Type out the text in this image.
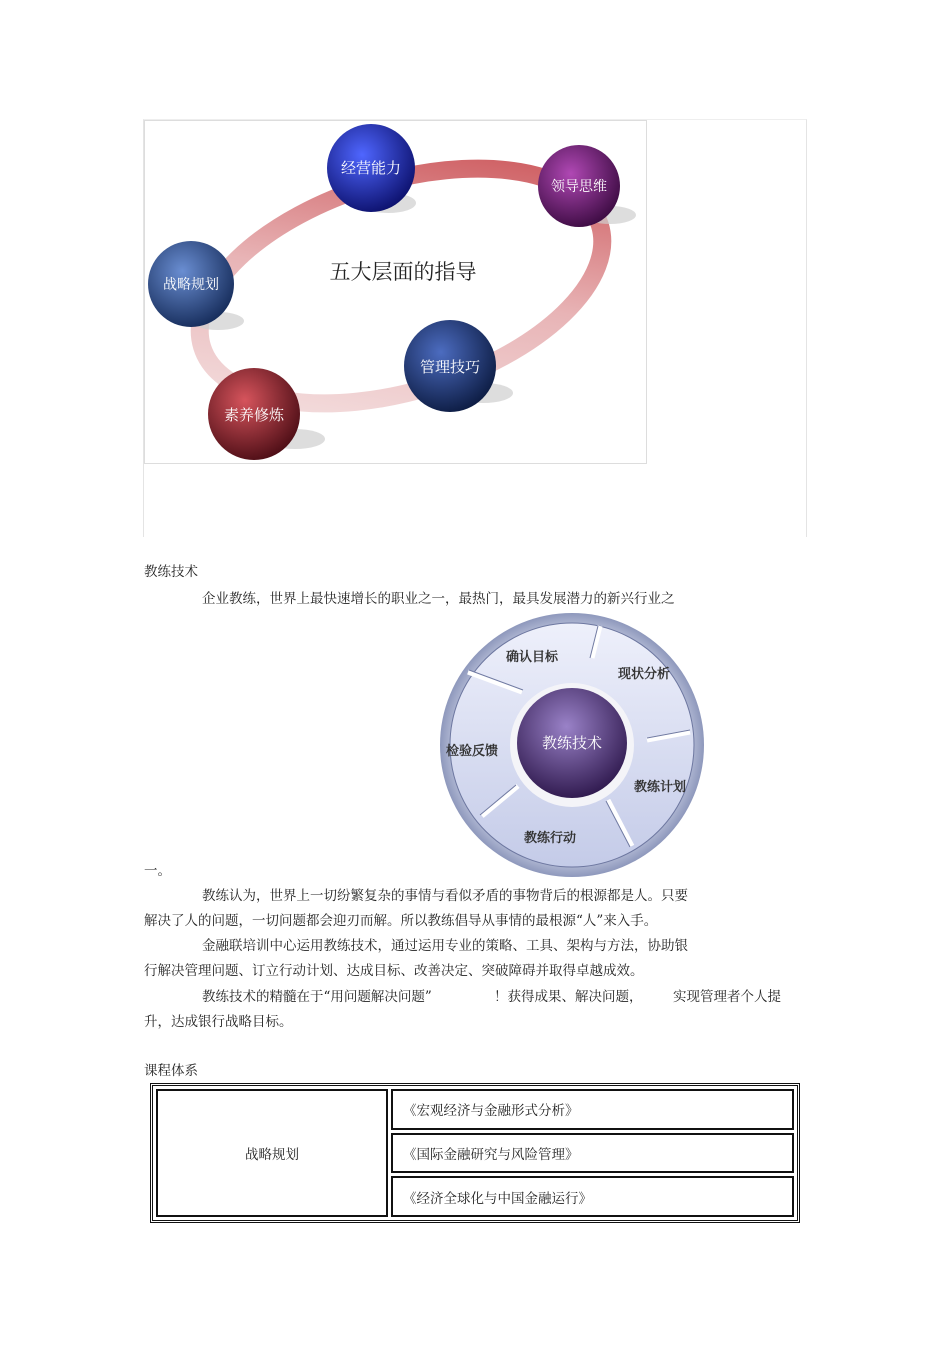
经营能力
领导思维
战略规划
管理技巧
素养修炼
五大层面的指导
教练技术
企业教练，世界上最快速增长的职业之一，最热门，最具发展潜力的新兴行业之
教练技术
确认目标
现状分析
教练计划
教练行动
检验反馈
一。
教练认为，世界上一切纷繁复杂的事情与看似矛盾的事物背后的根源都是人。只要
解决了人的问题，一切问题都会迎刃而解。所以教练倡导从事情的最根源“人”来入手。
金融联培训中心运用教练技术，通过运用专业的策略、工具、架构与方法，协助银
行解决管理问题、订立行动计划、达成目标、改善决定、突破障碍并取得卓越成效。
教练技术的精髓在于“用问题解决问题”	！获得成果、解决问题， 实现管理者个人提
升，达成银行战略目标。
课程体系
战略规划	《宏观经济与金融形式分析》
《国际金融研究与风险管理》
《经济全球化与中国金融运行》
